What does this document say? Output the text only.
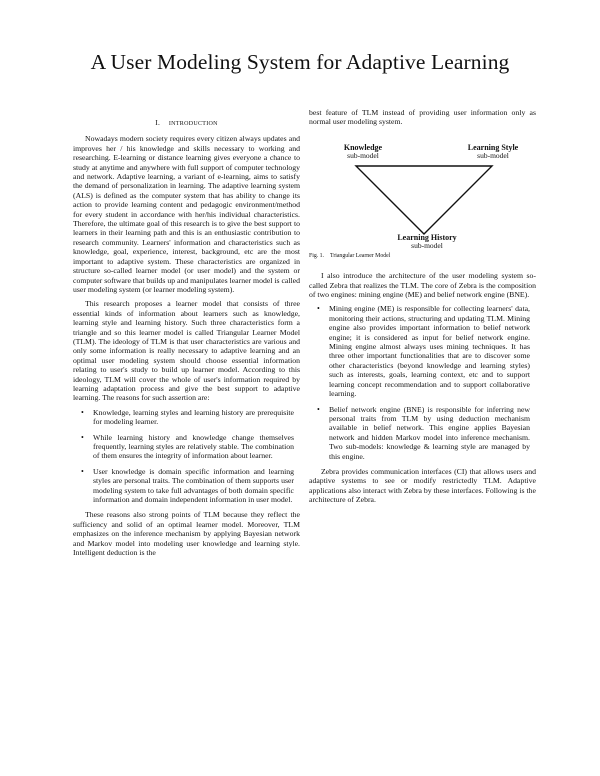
A User Modeling System for Adaptive Learning
I. INTRODUCTION

Nowadays modern society requires every citizen always updates and improves her / his knowledge and skills necessary to working and researching. E-learning or distance learning gives everyone a chance to study at anytime and anywhere with full support of computer technology and network. Adaptive learning, a variant of e-learning, aims to satisfy the demand of personalization in learning. The adaptive learning system (ALS) is defined as the computer system that has ability to change its action to provide learning content and pedagogic environment/method for every student in accordance with her/his individual characteristics. Therefore, the ultimate goal of this research is to give the best support to learners in their learning path and this is an enthusiastic contribution to research community. Learners' information and characteristics such as knowledge, goal, experience, interest, background, etc are the most important to adaptive system. These characteristics are organized in structure so-called learner model (or user model) and the system or computer software that builds up and manipulates learner model is called user modeling system (or learner modeling system).

This research proposes a learner model that consists of three essential kinds of information about learners such as knowledge, learning style and learning history. Such three characteristics form a triangle and so this learner model is called Triangular Learner Model (TLM). The ideology of TLM is that user characteristics are various and only some information is really necessary to adaptive learning and an optimal user modeling system should choose essential information relating to user's study to build up learner model. According to this ideology, TLM will cover the whole of user's information required by learning adaptation process and give the best support to adaptive learning. The reasons for such assertion are:

• Knowledge, learning styles and learning history are prerequisite for modeling learner.
• While learning history and knowledge change themselves frequently, learning styles are relatively stable. The combination of them ensures the integrity of information about learner.
• User knowledge is domain specific information and learning styles are personal traits. The combination of them supports user modeling system to take full advantages of both domain specific information and domain independent information in user model.

These reasons also strong points of TLM because they reflect the sufficiency and solid of an optimal learner model. Moreover, TLM emphasizes on the inference mechanism by applying Bayesian network and Markov model into modeling user knowledge and learning style. Intelligent deduction is the

best feature of TLM instead of providing user information only as normal user modeling system.

Knowledge
sub-model
Learning Style
sub-model
Learning History
sub-model
Fig. 1. Triangular Learner Model

I also introduce the architecture of the user modeling system so-called Zebra that realizes the TLM. The core of Zebra is the composition of two engines: mining engine (ME) and belief network engine (BNE).

• Mining engine (ME) is responsible for collecting learners' data, monitoring their actions, structuring and updating TLM. Mining engine also provides important information to belief network engine; it is considered as input for belief network engine. Mining engine almost always uses mining techniques. It has three other important functionalities that are to discover some other characteristics (beyond knowledge and learning styles) such as interests, goals, learning context, etc and to support learning concept recommendation and to support collaborative learning.
• Belief network engine (BNE) is responsible for inferring new personal traits from TLM by using deduction mechanism available in belief network. This engine applies Bayesian network and hidden Markov model into inference mechanism. Two sub-models: knowledge & learning style are managed by this engine.

Zebra provides communication interfaces (CI) that allows users and adaptive systems to see or modify restrictedly TLM. Adaptive applications also interact with Zebra by these interfaces. Following is the architecture of Zebra.
